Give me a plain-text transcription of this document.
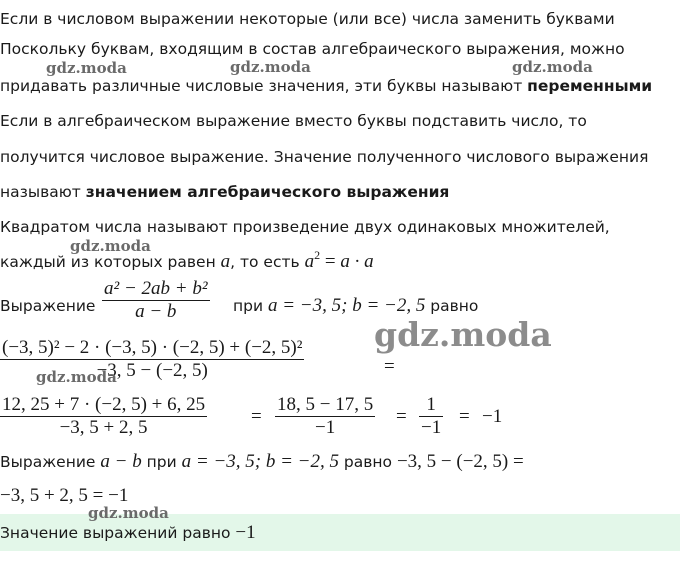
Если в числовом выражении некоторые (или все) числа заменить буквами
Поскольку буквам, входящим в состав алгебраического выражения, можно
придавать различные числовые значения, эти буквы называют переменными
Если в алгебраическом выражение вместо буквы подставить число, то
получится числовое выражение. Значение полученного числового выражения
называют значением алгебраического выражения
Квадратом числа называют произведение двух одинаковых множителей,
каждый из которых равен a, то есть $a^2 = a \cdot a$
Выражение
a² − 2ab + b²
a − b	при a = −3, 5; b = −2, 5 равно
(−3, 5)² − 2 · (−3, 5) · (−2, 5) + (−2, 5)²
−3, 5 − (−2, 5)	=
12, 25 + 7 · (−2, 5) + 6, 25
−3, 5 + 2, 5
=
18, 5 − 17, 5
−1
=
1
−1
= −1
Выражение a − b при a = −3, 5; b = −2, 5 равно −3, 5 − (−2, 5) =
−3, 5 + 2, 5 = −1
Значение выражений равно −1
gdz.moda	gdz.moda	gdz.moda
gdz.moda
gdz.moda
gdz.moda
gdz.moda
